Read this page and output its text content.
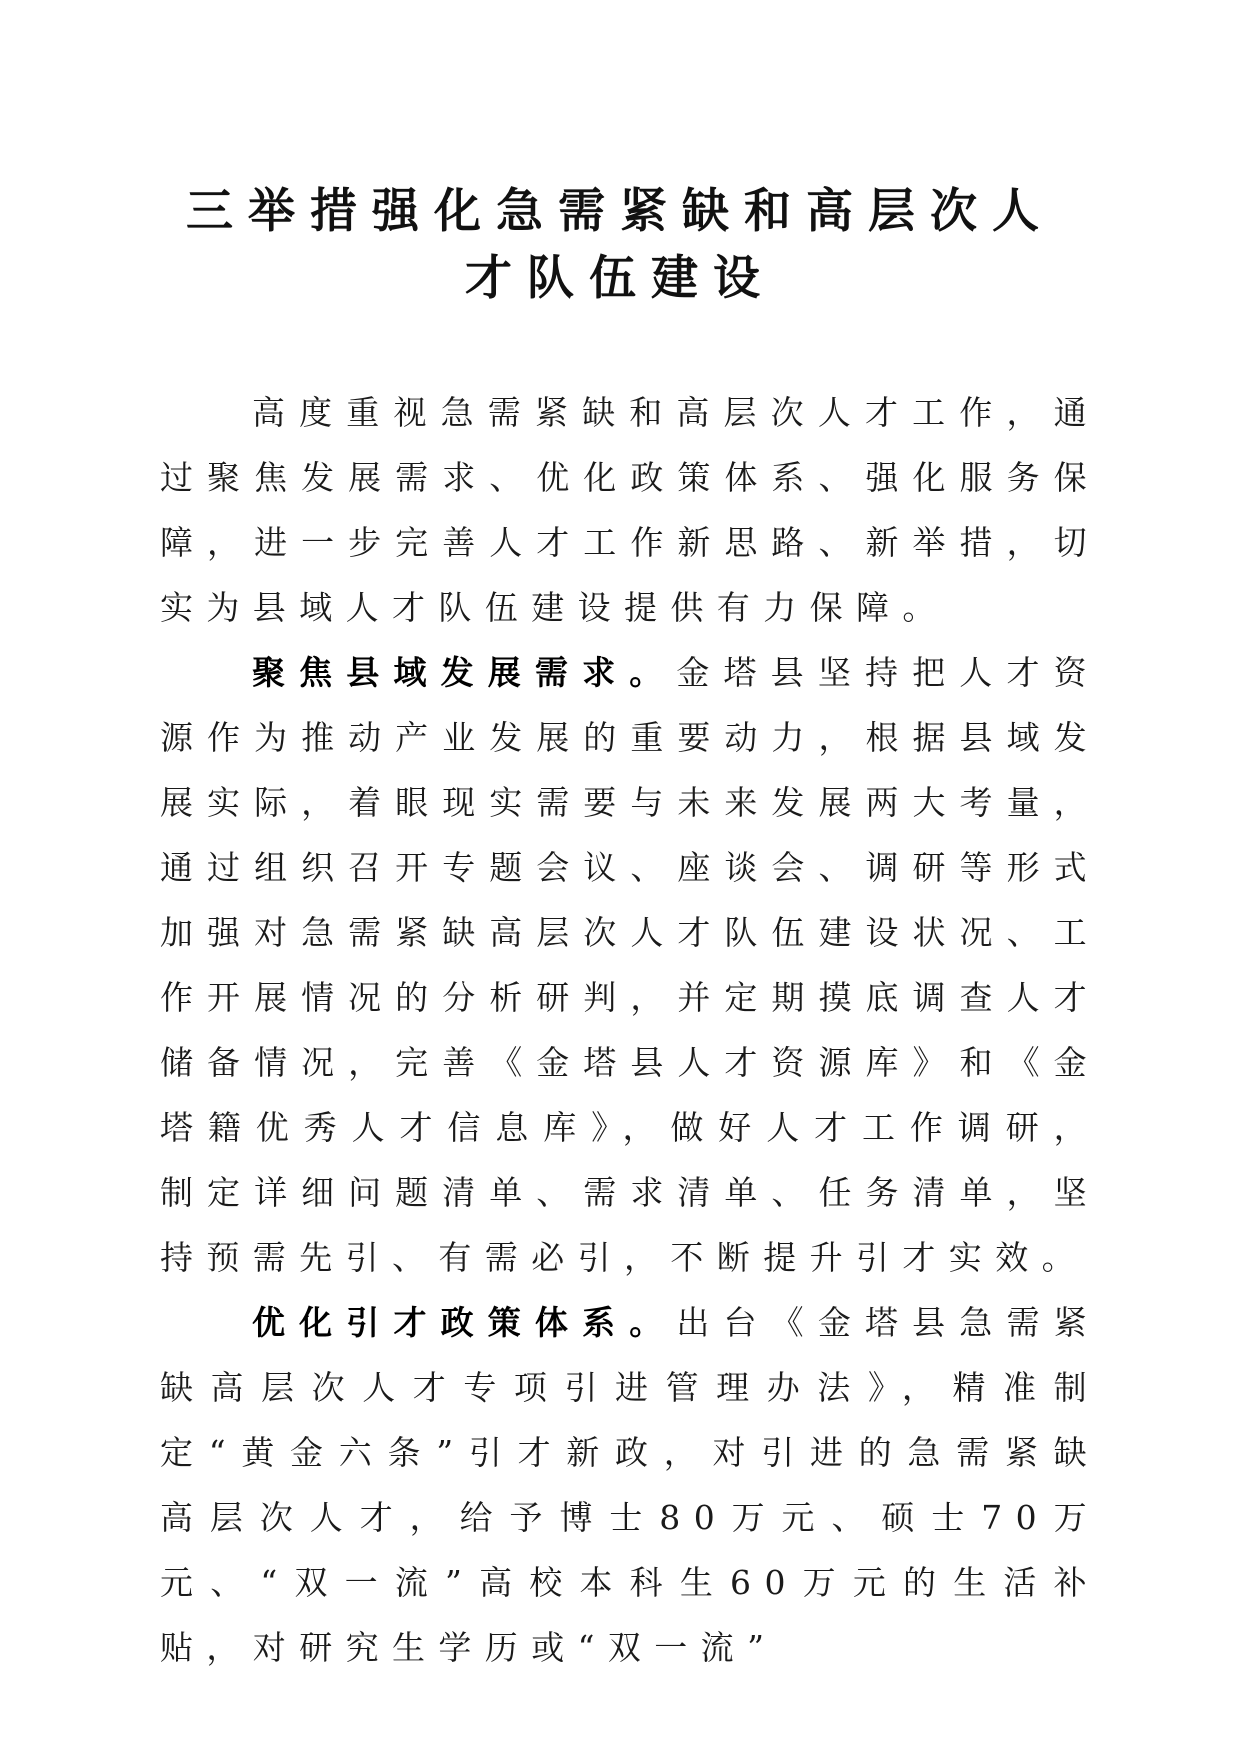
三举措强化急需紧缺和高层次人
才队伍建设

高度重视急需紧缺和高层次人才工作，通过聚焦发展需求、优化政策体系、强化服务保障，进一步完善人才工作新思路、新举措，切实为县域人才队伍建设提供有力保障。

聚焦县域发展需求。金塔县坚持把人才资源作为推动产业发展的重要动力，根据县域发展实际，着眼现实需要与未来发展两大考量，通过组织召开专题会议、座谈会、调研等形式加强对急需紧缺高层次人才队伍建设状况、工作开展情况的分析研判，并定期摸底调查人才储备情况，完善《金塔县人才资源库》和《金塔籍优秀人才信息库》，做好人才工作调研，制定详细问题清单、需求清单、任务清单，坚持预需先引、有需必引，不断提升引才实效。

优化引才政策体系。出台《金塔县急需紧缺高层次人才专项引进管理办法》，精准制定“黄金六条”引才新政，对引进的急需紧缺高层次人才，给予博士80万元、硕士70万元、“双一流”高校本科生60万元的生活补贴，对研究生学历或“双一流”
